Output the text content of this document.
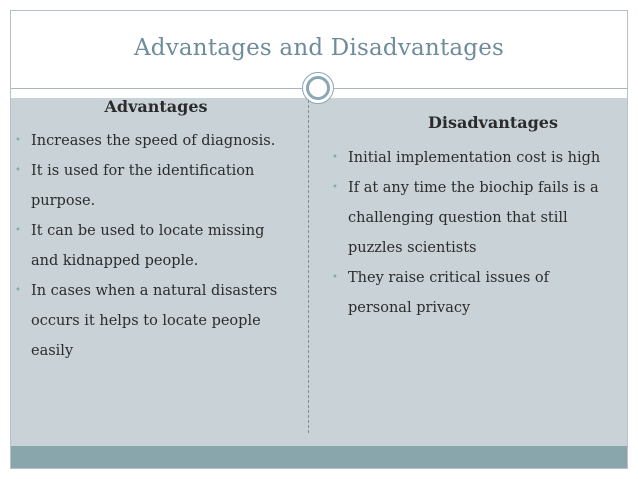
Advantages and Disadvantages
Advantages
• Increases the speed of diagnosis.
• It is used for the identification purpose.
• It can be used to locate missing and kidnapped people.
• In cases when a natural disasters occurs it helps to locate people easily
Disadvantages
• Initial implementation cost is high
• If at any time the biochip fails is a challenging question that still puzzles scientists
• They raise critical issues of personal privacy
